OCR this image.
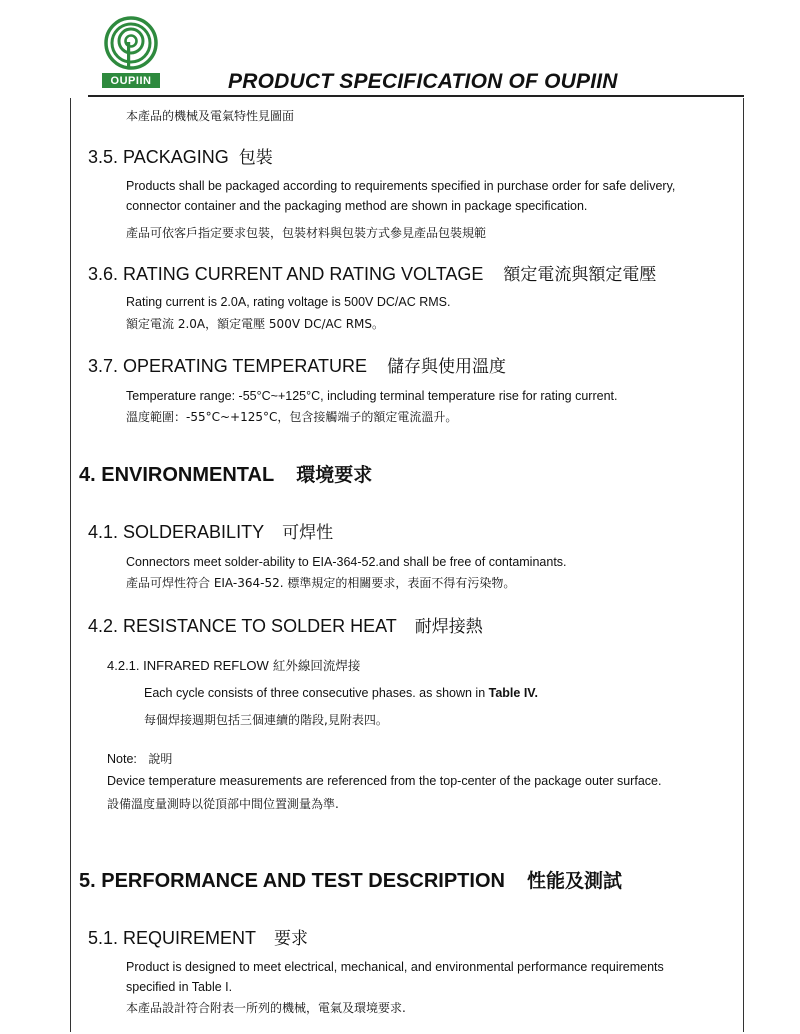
OUPIIN	PRODUCT SPECIFICATION OF OUPIIN
本產品的機械及電氣特性見圖面
3.5. PACKAGING 包裝
Products shall be packaged according to requirements specified in purchase order for safe delivery,
connector container and the packaging method are shown in package specification.
產品可依客戶指定要求包裝，包裝材料與包裝方式參見產品包裝規範
3.6. RATING CURRENT AND RATING VOLTAGE 額定電流與額定電壓
Rating current is 2.0A, rating voltage is 500V DC/AC RMS.
額定電流 2.0A，額定電壓 500V DC/AC RMS。
3.7. OPERATING TEMPERATURE 儲存與使用溫度
Temperature range: -55°C~+125°C, including terminal temperature rise for rating current.
溫度範圍：-55°C~+125°C，包含接觸端子的額定電流溫升。
4. ENVIRONMENTAL 環境要求
4.1. SOLDERABILITY 可焊性
Connectors meet solder-ability to EIA-364-52.and shall be free of contaminants.
產品可焊性符合 EIA-364-52. 標準規定的相關要求，表面不得有污染物。
4.2. RESISTANCE TO SOLDER HEAT 耐焊接熱
4.2.1. INFRARED REFLOW 紅外線回流焊接
Each cycle consists of three consecutive phases. as shown in Table IV.
每個焊接週期包括三個連續的階段,見附表四。
Note: 說明
Device temperature measurements are referenced from the top-center of the package outer surface.
設備溫度量測時以從頂部中間位置測量為準.
5. PERFORMANCE AND TEST DESCRIPTION 性能及測試
5.1. REQUIREMENT 要求
Product is designed to meet electrical, mechanical, and environmental performance requirements
specified in Table I.
本產品設計符合附表一所列的機械，電氣及環境要求.
